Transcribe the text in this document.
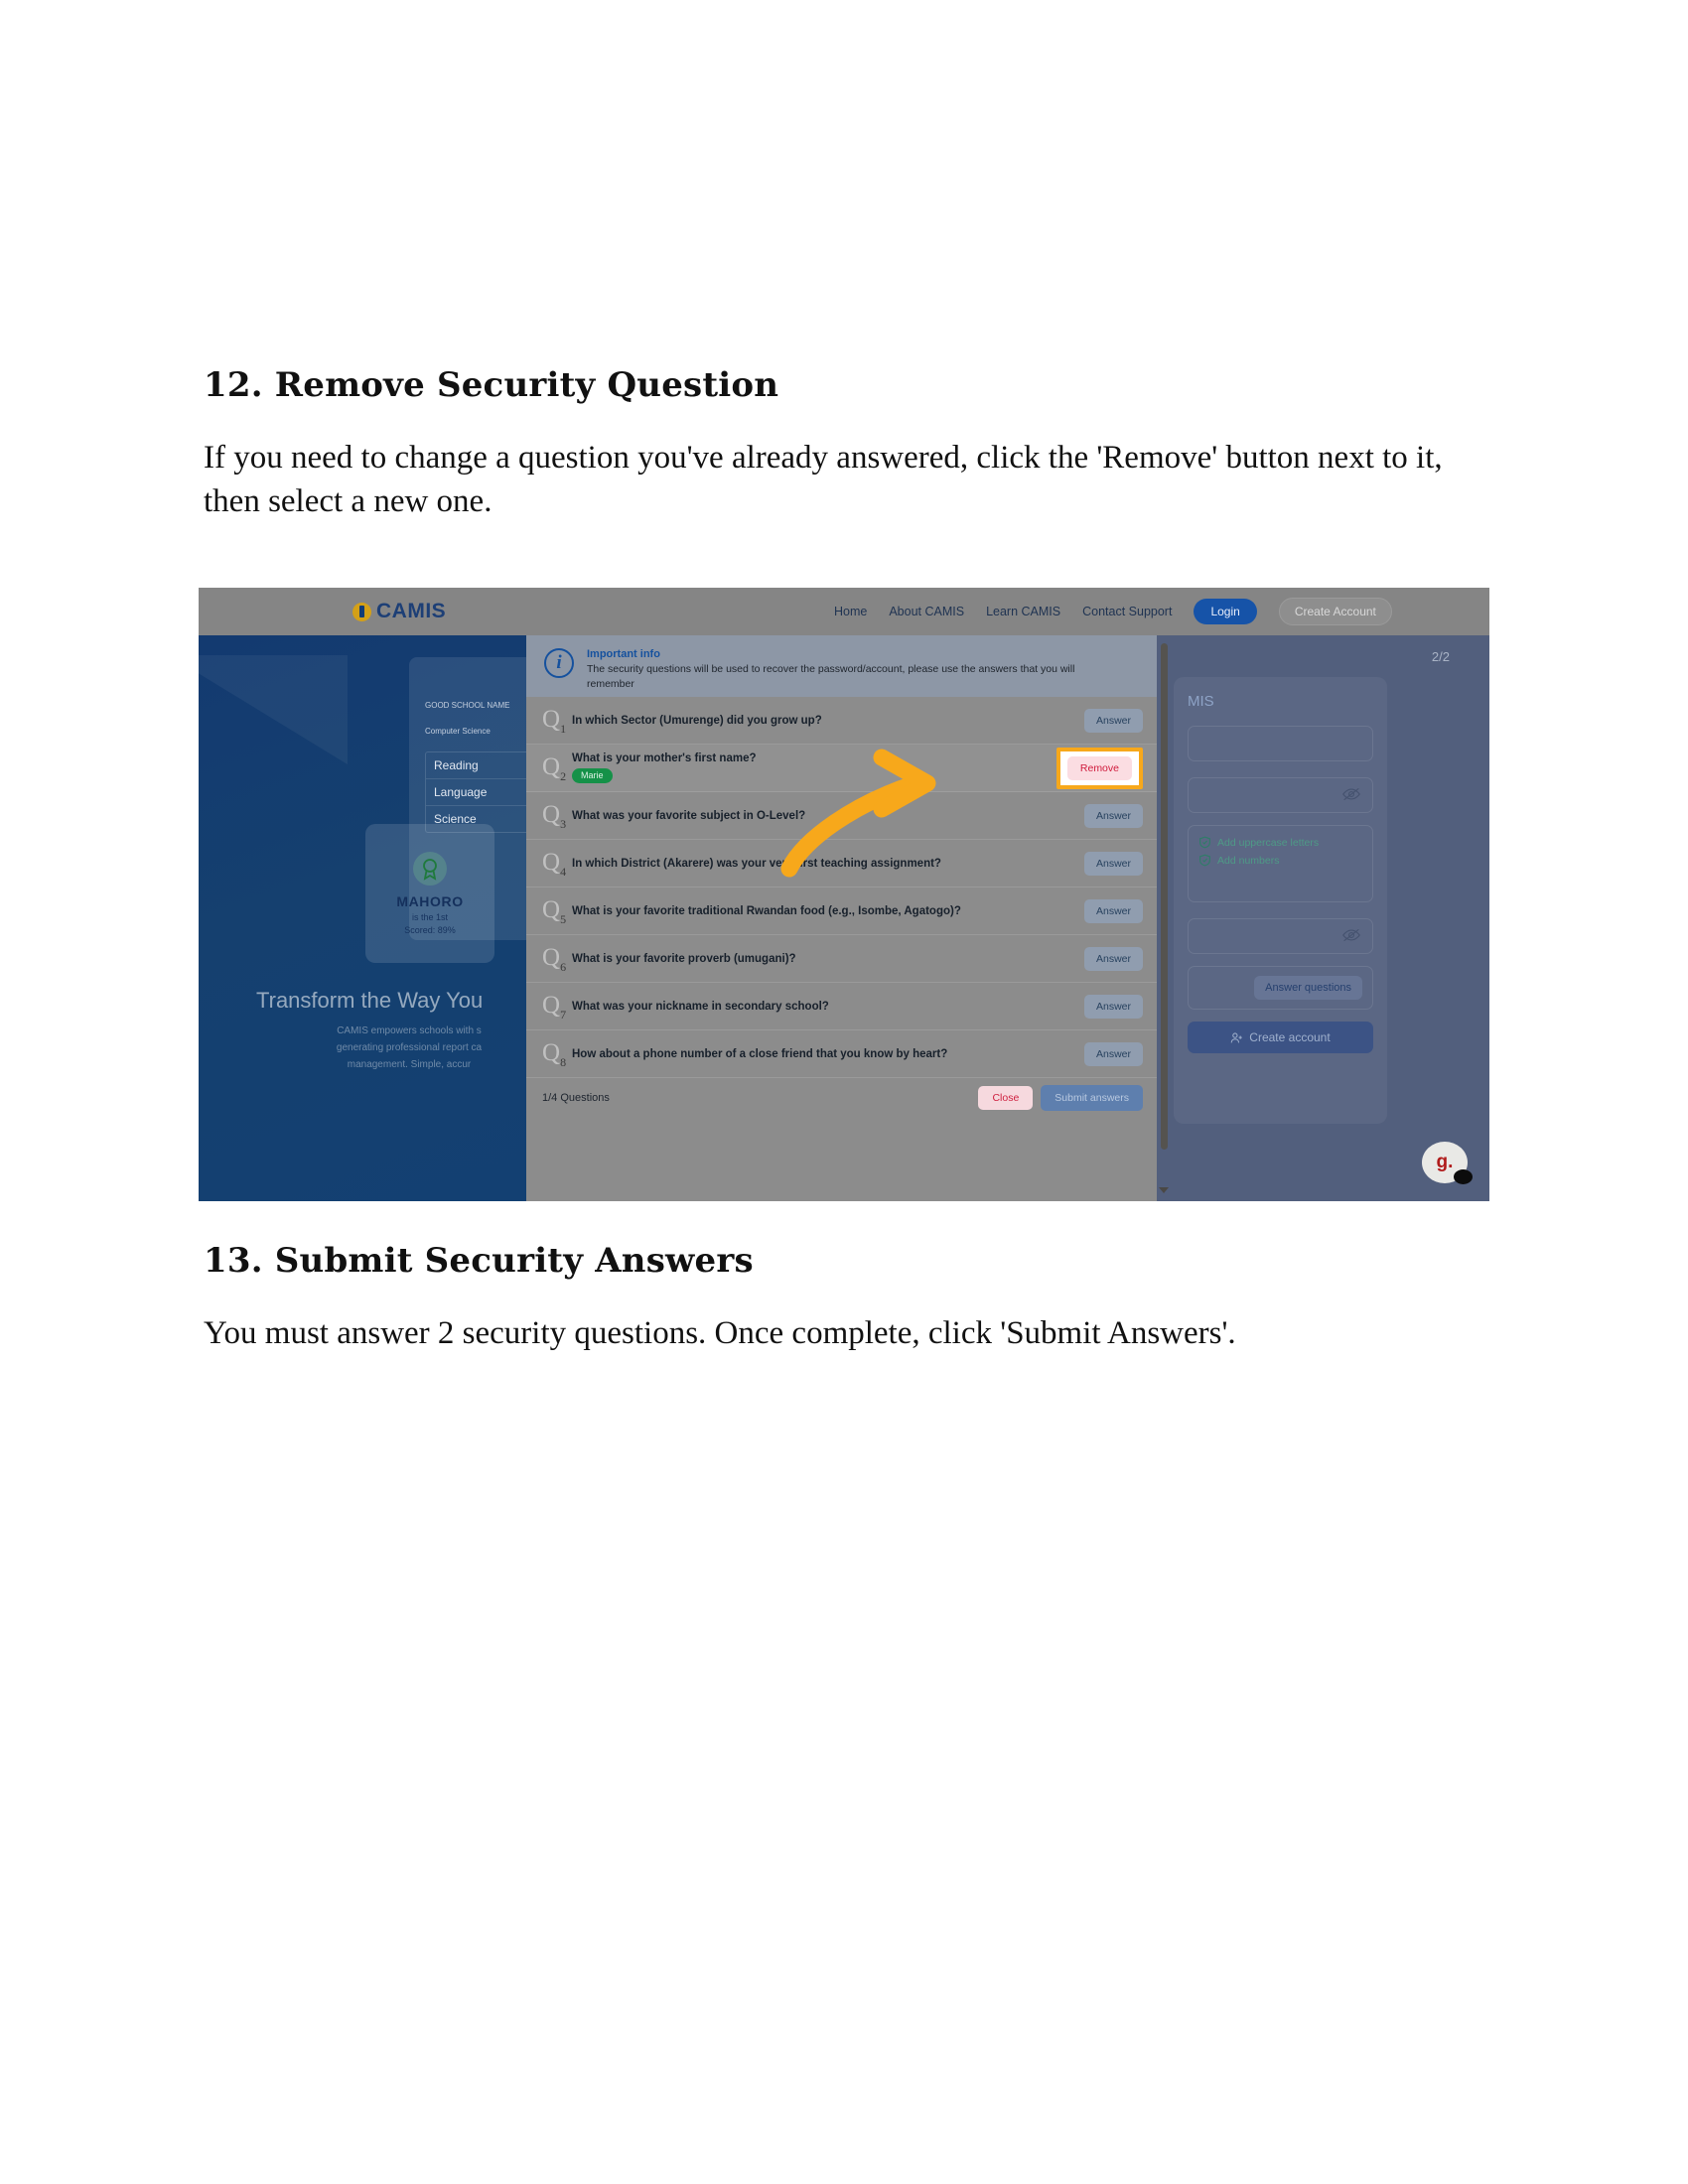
12. Remove Security Question
If you need to change a question you've already answered, click the 'Remove' button next to it, then select a new one.
CAMIS	Home About CAMIS Learn CAMIS Contact Support	Login	Create Account
GOOD SCHOOL NAME
Computer Science
Reading
Language
Science
MAHORO
is the 1st
Scored: 89%
Transform the Way You
CAMIS empowers schools with s
generating professional report ca
management. Simple, accur
2/2
MIS
Add uppercase letters
Add numbers
Answer questions
Create account
g.
i	Important info
The security questions will be used to recover the password/account, please use the answers that you will remember
$Q_1$
In which Sector (Umurenge) did you grow up?	Answer
$Q_2$
What is your mother's first name?
Marie
Remove
$Q_3$
What was your favorite subject in O-Level?	Answer
$Q_4$
In which District (Akarere) was your very first teaching assignment?	Answer
$Q_5$
What is your favorite traditional Rwandan food (e.g., Isombe, Agatogo)?	Answer
$Q_6$
What is your favorite proverb (umugani)?	Answer
$Q_7$
What was your nickname in secondary school?	Answer
$Q_8$
How about a phone number of a close friend that you know by heart?	Answer
1/4 Questions	Close	Submit answers
13. Submit Security Answers
You must answer 2 security questions. Once complete, click 'Submit Answers'.
